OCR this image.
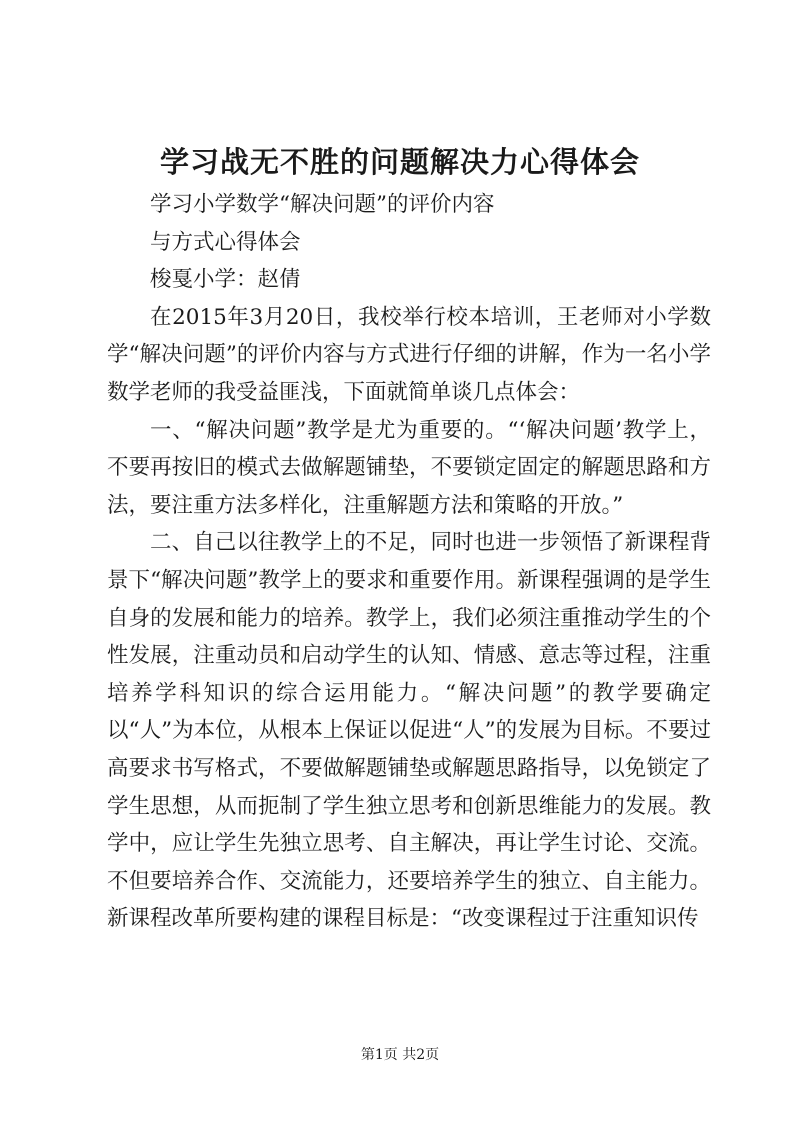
学习战无不胜的问题解决力心得体会

学习小学数学“解决问题”的评价内容

与方式心得体会

梭戛小学：赵倩

在2015年3月20日，我校举行校本培训，王老师对小学数学“解决问题”的评价内容与方式进行仔细的讲解，作为一名小学数学老师的我受益匪浅，下面就简单谈几点体会：

一、“解决问题”教学是尤为重要的。“‘解决问题’教学上，不要再按旧的模式去做解题铺垫，不要锁定固定的解题思路和方法，要注重方法多样化，注重解题方法和策略的开放。”

二、自己以往教学上的不足，同时也进一步领悟了新课程背景下“解决问题”教学上的要求和重要作用。新课程强调的是学生自身的发展和能力的培养。教学上，我们必须注重推动学生的个性发展，注重动员和启动学生的认知、情感、意志等过程，注重培养学科知识的综合运用能力。“解决问题”的教学要确定以“人”为本位，从根本上保证以促进“人”的发展为目标。不要过高要求书写格式，不要做解题铺垫或解题思路指导，以免锁定了学生思想，从而扼制了学生独立思考和创新思维能力的发展。教学中，应让学生先独立思考、自主解决，再让学生讨论、交流。不但要培养合作、交流能力，还要培养学生的独立、自主能力。新课程改革所要构建的课程目标是：“改变课程过于注重知识传

第1页 共2页
